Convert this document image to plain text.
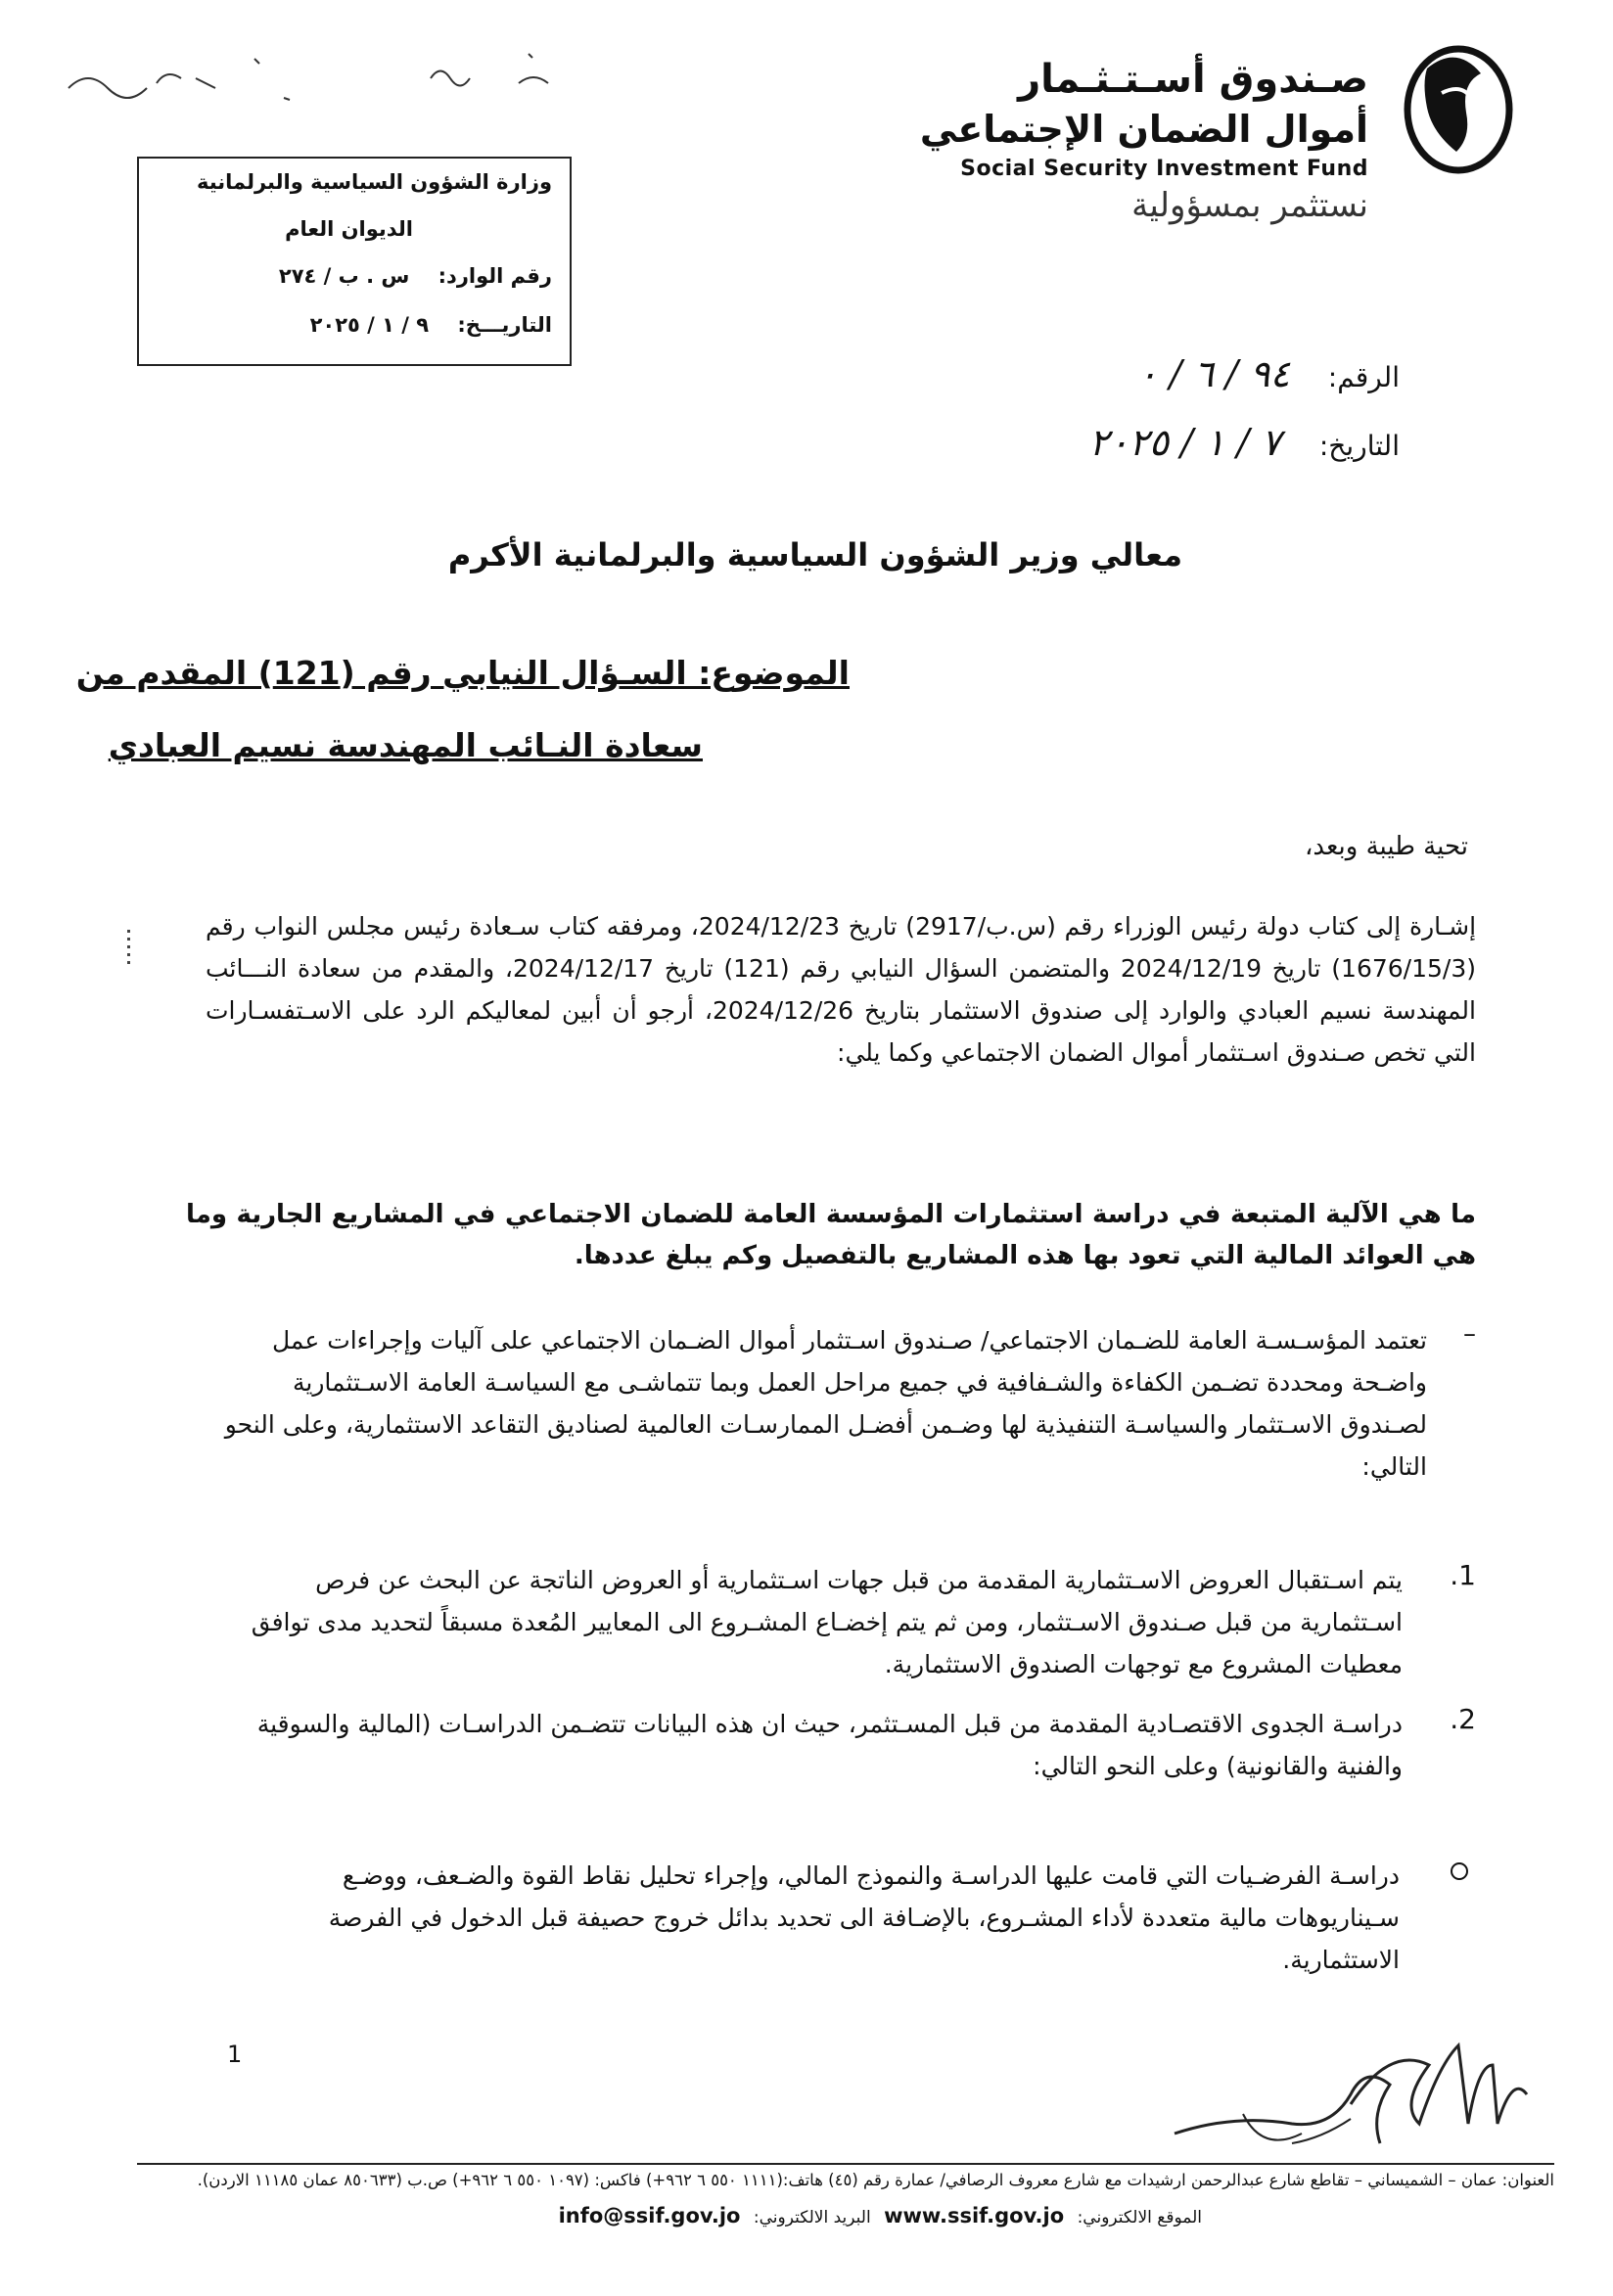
صـندوق أسـتـثـمار
أموال الضمان الإجتماعي
Social Security Investment Fund
نستثمر بمسؤولية
وزارة الشؤون السياسية والبرلمانية
الديوان العام
رقم الوارد: س . ب / ٢٧٤
التاريـــخ: ٩ / ١ / ٢٠٢٥
الرقم: ٩٤ / ٦ / ٠
التاريخ: ٧ / ١ / ٢٠٢٥
معالي وزير الشؤون السياسية والبرلمانية الأكرم
الموضوع: السـؤال النيابي رقم (121) المقدم من
سعادة النـائب المهندسة نسيم العبادي
تحية طيبة وبعد،
إشـارة إلى كتاب دولة رئيس الوزراء رقم (س.ب/2917) تاريخ 2024/12/23، ومرفقه كتاب سـعادة رئيس مجلس النواب رقم (1676/15/3) تاريخ 2024/12/19 والمتضمن السؤال النيابي رقم (121) تاريخ 2024/12/17، والمقدم من سعادة النـــائب المهندسة نسيم العبادي والوارد إلى صندوق الاستثمار بتاريخ 2024/12/26، أرجو أن أبين لمعاليكم الرد على الاسـتفسـارات التي تخص صـندوق اسـتثمار أموال الضمان الاجتماعي وكما يلي:
ما هي الآلية المتبعة في دراسة استثمارات المؤسسة العامة للضمان الاجتماعي في المشاريع الجارية وما هي العوائد المالية التي تعود بها هذه المشاريع بالتفصيل وكم يبلغ عددها.
–
تعتمد المؤسـسـة العامة للضـمان الاجتماعي/ صـندوق اسـتثمار أموال الضـمان الاجتماعي على آليات وإجراءات عمل واضـحة ومحددة تضـمن الكفاءة والشـفافية في جميع مراحل العمل وبما تتماشـى مع السياسـة العامة الاسـتثمارية لصـندوق الاسـتثمار والسياسـة التنفيذية لها وضـمن أفضـل الممارسـات العالمية لصناديق التقاعد الاستثمارية، وعلى النحو التالي:
.1
يتم اسـتقبال العروض الاسـتثمارية المقدمة من قبل جهات اسـتثمارية أو العروض الناتجة عن البحث عن فرص اسـتثمارية من قبل صـندوق الاسـتثمار، ومن ثم يتم إخضـاع المشـروع الى المعايير المُعدة مسبقاً لتحديد مدى توافق معطيات المشروع مع توجهات الصندوق الاستثمارية.
.2
دراسـة الجدوى الاقتصـادية المقدمة من قبل المسـتثمر، حيث ان هذه البيانات تتضـمن الدراسـات (المالية والسوقية والفنية والقانونية) وعلى النحو التالي:
دراسـة الفرضـيات التي قامت عليها الدراسـة والنموذج المالي، وإجراء تحليل نقاط القوة والضـعف، ووضـع سـيناريوهات مالية متعددة لأداء المشـروع، بالإضـافة الى تحديد بدائل خروج حصيفة قبل الدخول في الفرصة الاستثمارية.
1
العنوان: عمان – الشميساني – تقاطع شارع عبدالرحمن ارشيدات مع شارع معروف الرصافي/ عمارة رقم (٤٥) هاتف:(١١١١ ٥٥٠ ٦ ٩٦٢+) فاكس: (١٠٩٧ ٥٥٠ ٦ ٩٦٢+) ص.ب (٨٥٠٦٣٣ عمان ١١١٨٥ الاردن).
الموقع الالكتروني: www.ssif.gov.jo البريد الالكتروني: info@ssif.gov.jo
